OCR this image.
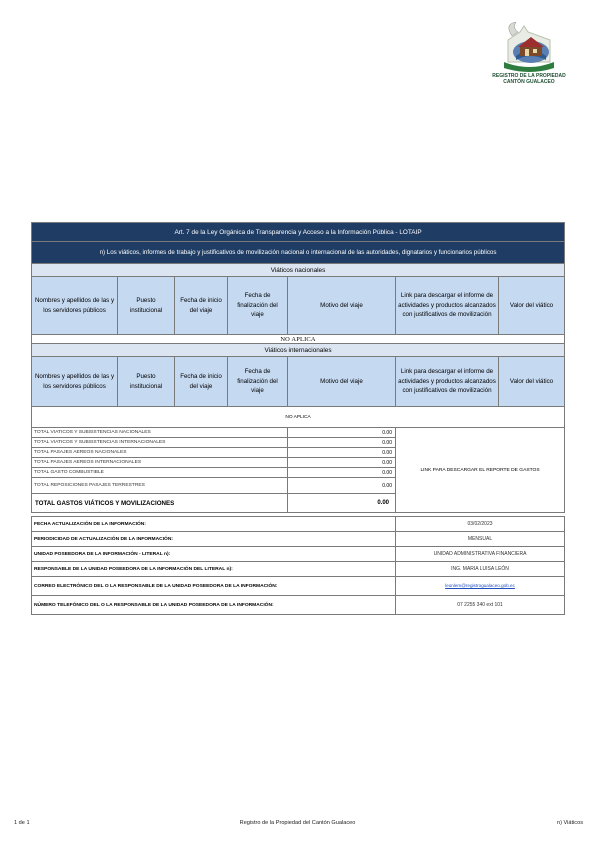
REGISTRO DE LA PROPIEDAD
CANTÓN GUALACEO
Art. 7 de la Ley Orgánica de Transparencia y Acceso a la Información Pública - LOTAIP						
n) Los viáticos, informes de trabajo y justificativos de movilización nacional o internacional de las autoridades, dignatarios y funcionarios públicos						
Viáticos nacionales						
Nombres y apellidos de las y los servidores públicos	Puesto institucional	Fecha de inicio del viaje	Fecha de finalización del viaje	Motivo del viaje	Link para descargar el informe de actividades y productos alcanzados con justificativos de movilización	Valor del viático
NO APLICA						
Viáticos internacionales						
Nombres y apellidos de las y los servidores públicos	Puesto institucional	Fecha de inicio del viaje	Fecha de finalización del viaje	Motivo del viaje	Link para descargar el informe de actividades y productos alcanzados con justificativos de movilización	Valor del viático
NO APLICA						
TOTAL VIATICOS Y SUBSISTENCIAS NACIONALES				0.00	LINK PARA DESCARGAR EL REPORTE DE GASTOS	
TOTAL VIATICOS Y SUBSISTENCIAS INTERNACIONALES				0.00		
TOTAL PASAJES AEREOS NACIONALES				0.00		
TOTAL PASAJES AEREOS INTERNACIONALES				0.00		
TOTAL GASTO COMBUSTIBLE				0.00		
TOTAL REPOSICIONES PASAJES TERRESTRES				0.00		
TOTAL GASTOS VIÁTICOS Y MOVILIZACIONES				0.00		

FECHA ACTUALIZACIÓN DE LA INFORMACIÓN:					03/02/2023	
PERIODICIDAD DE ACTUALIZACIÓN DE LA INFORMACIÓN:					MENSUAL	
UNIDAD POSEEDORA DE LA INFORMACIÓN - LITERAL n):					UNIDAD ADMINISTRATIVA FINANCIERA	
RESPONSABLE DE LA UNIDAD POSEEDORA DE LA INFORMACIÓN DEL LITERAL n):					ING. MARIA LUISA LEÓN	
CORREO ELECTRÓNICO DEL O LA RESPONSABLE DE LA UNIDAD POSEEDORA DE LA INFORMACIÓN:					leonlem@registrogualaceo.gob.ec	
NÚMERO TELEFÓNICO DEL O LA RESPONSABLE DE LA UNIDAD POSEEDORA DE LA INFORMACIÓN:					07 2255 340 ext 101	
1 de 1	Registro de la Propiedad del Cantón Gualaceo	n) Viáticos
